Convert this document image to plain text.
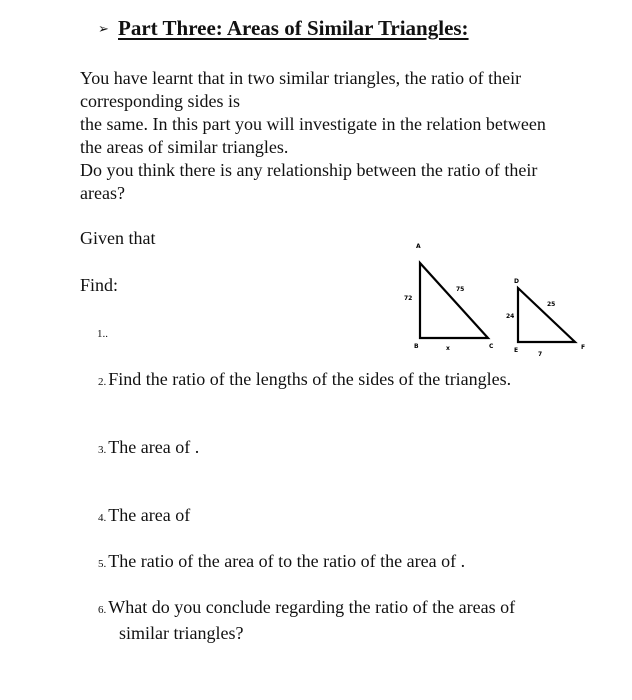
➢ Part Three: Areas of Similar Triangles:
You have learnt that in two similar triangles, the ratio of their
corresponding sides is
the same. In this part you will investigate in the relation between
the areas of similar triangles.
Do you think there is any relationship between the ratio of their
areas?
Given that
Find:
A
B	C
72
75
x
D
E	F
24
25
7
1..
2. Find the ratio of the lengths of the sides of the triangles.
3. The area of .
4. The area of
5. The ratio of the area of to the ratio of the area of .
6. What do you conclude regarding the ratio of the areas of
similar triangles?
